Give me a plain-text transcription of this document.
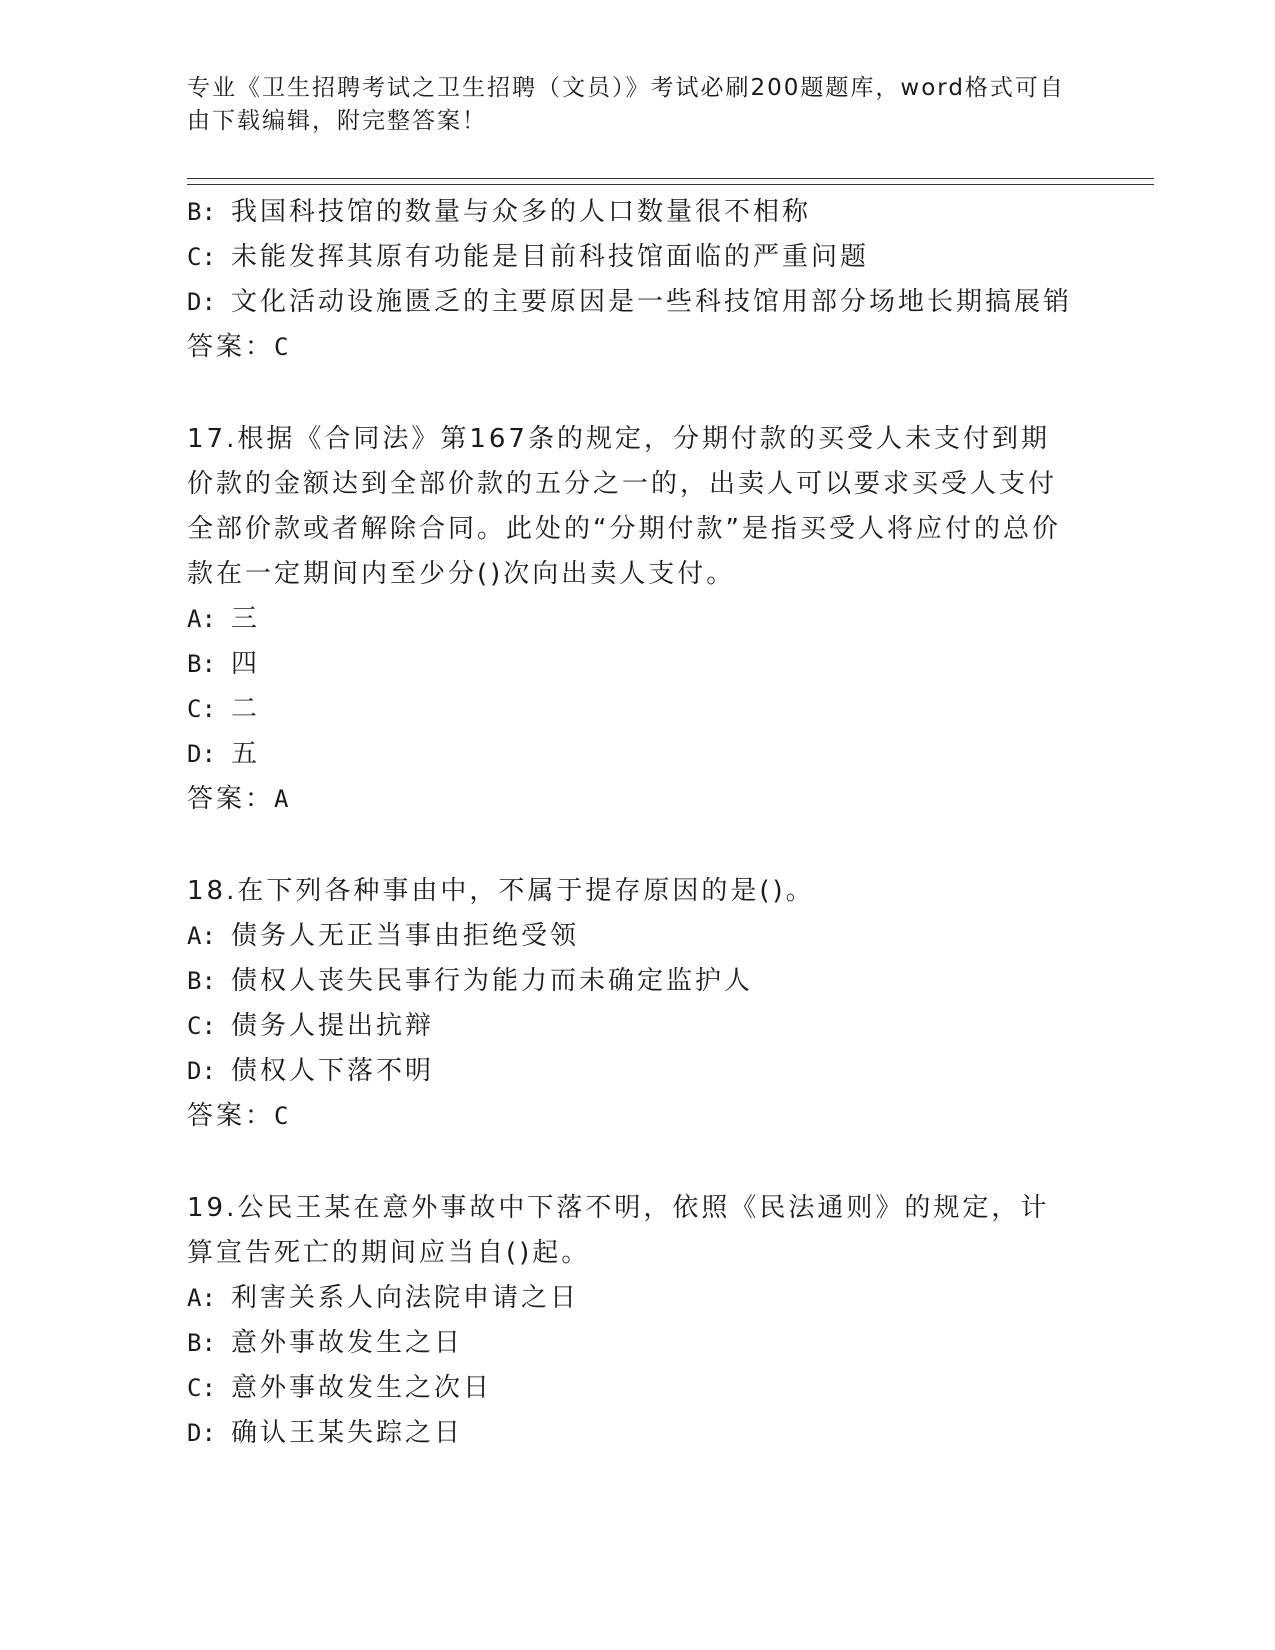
专业《卫生招聘考试之卫生招聘（文员）》考试必刷200题题库，word格式可自由下载编辑，附完整答案！
B: 我国科技馆的数量与众多的人口数量很不相称
C: 未能发挥其原有功能是目前科技馆面临的严重问题
D: 文化活动设施匮乏的主要原因是一些科技馆用部分场地长期搞展销
答案：C
17.根据《合同法》第167条的规定，分期付款的买受人未支付到期价款的金额达到全部价款的五分之一的，出卖人可以要求买受人支付全部价款或者解除合同。此处的“分期付款”是指买受人将应付的总价款在一定期间内至少分()次向出卖人支付。
A: 三
B: 四
C: 二
D: 五
答案：A
18.在下列各种事由中，不属于提存原因的是()。
A: 债务人无正当事由拒绝受领
B: 债权人丧失民事行为能力而未确定监护人
C: 债务人提出抗辩
D: 债权人下落不明
答案：C
19.公民王某在意外事故中下落不明，依照《民法通则》的规定，计算宣告死亡的期间应当自()起。
A: 利害关系人向法院申请之日
B: 意外事故发生之日
C: 意外事故发生之次日
D: 确认王某失踪之日
